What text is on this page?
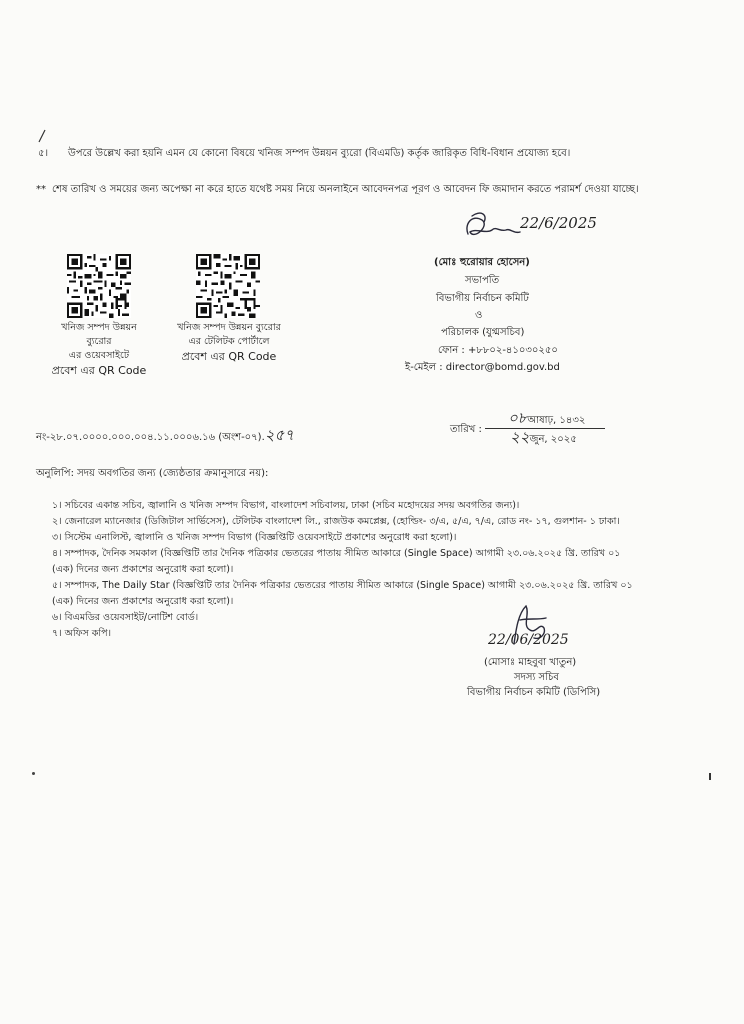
৫। উপরে উল্লেখ করা হয়নি এমন যে কোনো বিষয়ে খনিজ সম্পদ উন্নয়ন ব্যুরো (বিএমডি) কর্তৃক জারিকৃত বিধি-বিধান প্রযোজ্য হবে।
** শেষ তারিখ ও সময়ের জন্য অপেক্ষা না করে হাতে যথেষ্ট সময় নিয়ে অনলাইনে আবেদনপত্র পূরণ ও আবেদন ফি জমাদান করতে পরামর্শ দেওয়া যাচ্ছে।
খনিজ সম্পদ উন্নয়ন
ব্যুরোর
এর ওয়েবসাইটে
প্রবেশ এর QR Code
খনিজ সম্পদ উন্নয়ন ব্যুরোর
এর টেলিটক পোর্টালে
প্রবেশ এর QR Code
22/6/2025
(মোঃ হুরোয়ার হোসেন)
সভাপতি
বিভাগীয় নির্বাচন কমিটি
ও
পরিচালক (যুগ্মসচিব)
ফোন : +৮৮০২-৪১০৩০২৫০
ই-মেইল : director@bomd.gov.bd
নং-২৮.০৭.০০০০.০০০.০০৪.১১.০০০৬.১৬ (অংশ-০৭).২৫৭	তারিখ :
০৮আষাঢ়, ১৪৩২
২২জুন, ২০২৫
অনুলিপি: সদয় অবগতির জন্য (জ্যেষ্ঠতার ক্রমানুসারে নয়):
১। সচিবের একান্ত সচিব, জ্বালানি ও খনিজ সম্পদ বিভাগ, বাংলাদেশ সচিবালয়, ঢাকা (সচিব মহোদয়ের সদয় অবগতির জন্য)।
২। জেনারেল ম্যানেজার (ডিজিটাল সার্ভিসেস), টেলিটক বাংলাদেশ লি., রাজউক কমপ্লেক্স, (হোল্ডিং- ৩/এ, ৫/এ, ৭/এ, রোড নং- ১৭, গুলশান- ১ ঢাকা।
৩। সিস্টেম এনালিস্ট, জ্বালানি ও খনিজ সম্পদ বিভাগ (বিজ্ঞপ্তিটি ওয়েবসাইটে প্রকাশের অনুরোধ করা হলো)।
৪। সম্পাদক, দৈনিক সমকাল (বিজ্ঞপ্তিটি তার দৈনিক পত্রিকার ভেতরের পাতায় সীমিত আকারে (Single Space) আগামী ২৩.০৬.২০২৫ খ্রি. তারিখ ০১
(এক) দিনের জন্য প্রকাশের অনুরোধ করা হলো)।
৫। সম্পাদক, The Daily Star (বিজ্ঞপ্তিটি তার দৈনিক পত্রিকার ভেতরের পাতায় সীমিত আকারে (Single Space) আগামী ২৩.০৬.২০২৫ খ্রি. তারিখ ০১
(এক) দিনের জন্য প্রকাশের অনুরোধ করা হলো)।
৬। বিএমডির ওয়েবসাইট/নোটিশ বোর্ড।
৭। অফিস কপি।	22/06/2025
(মোসাঃ মাহবুবা খাতুন)
সদস্য সচিব
বিভাগীয় নির্বাচন কমিটি (ডিপিসি)
